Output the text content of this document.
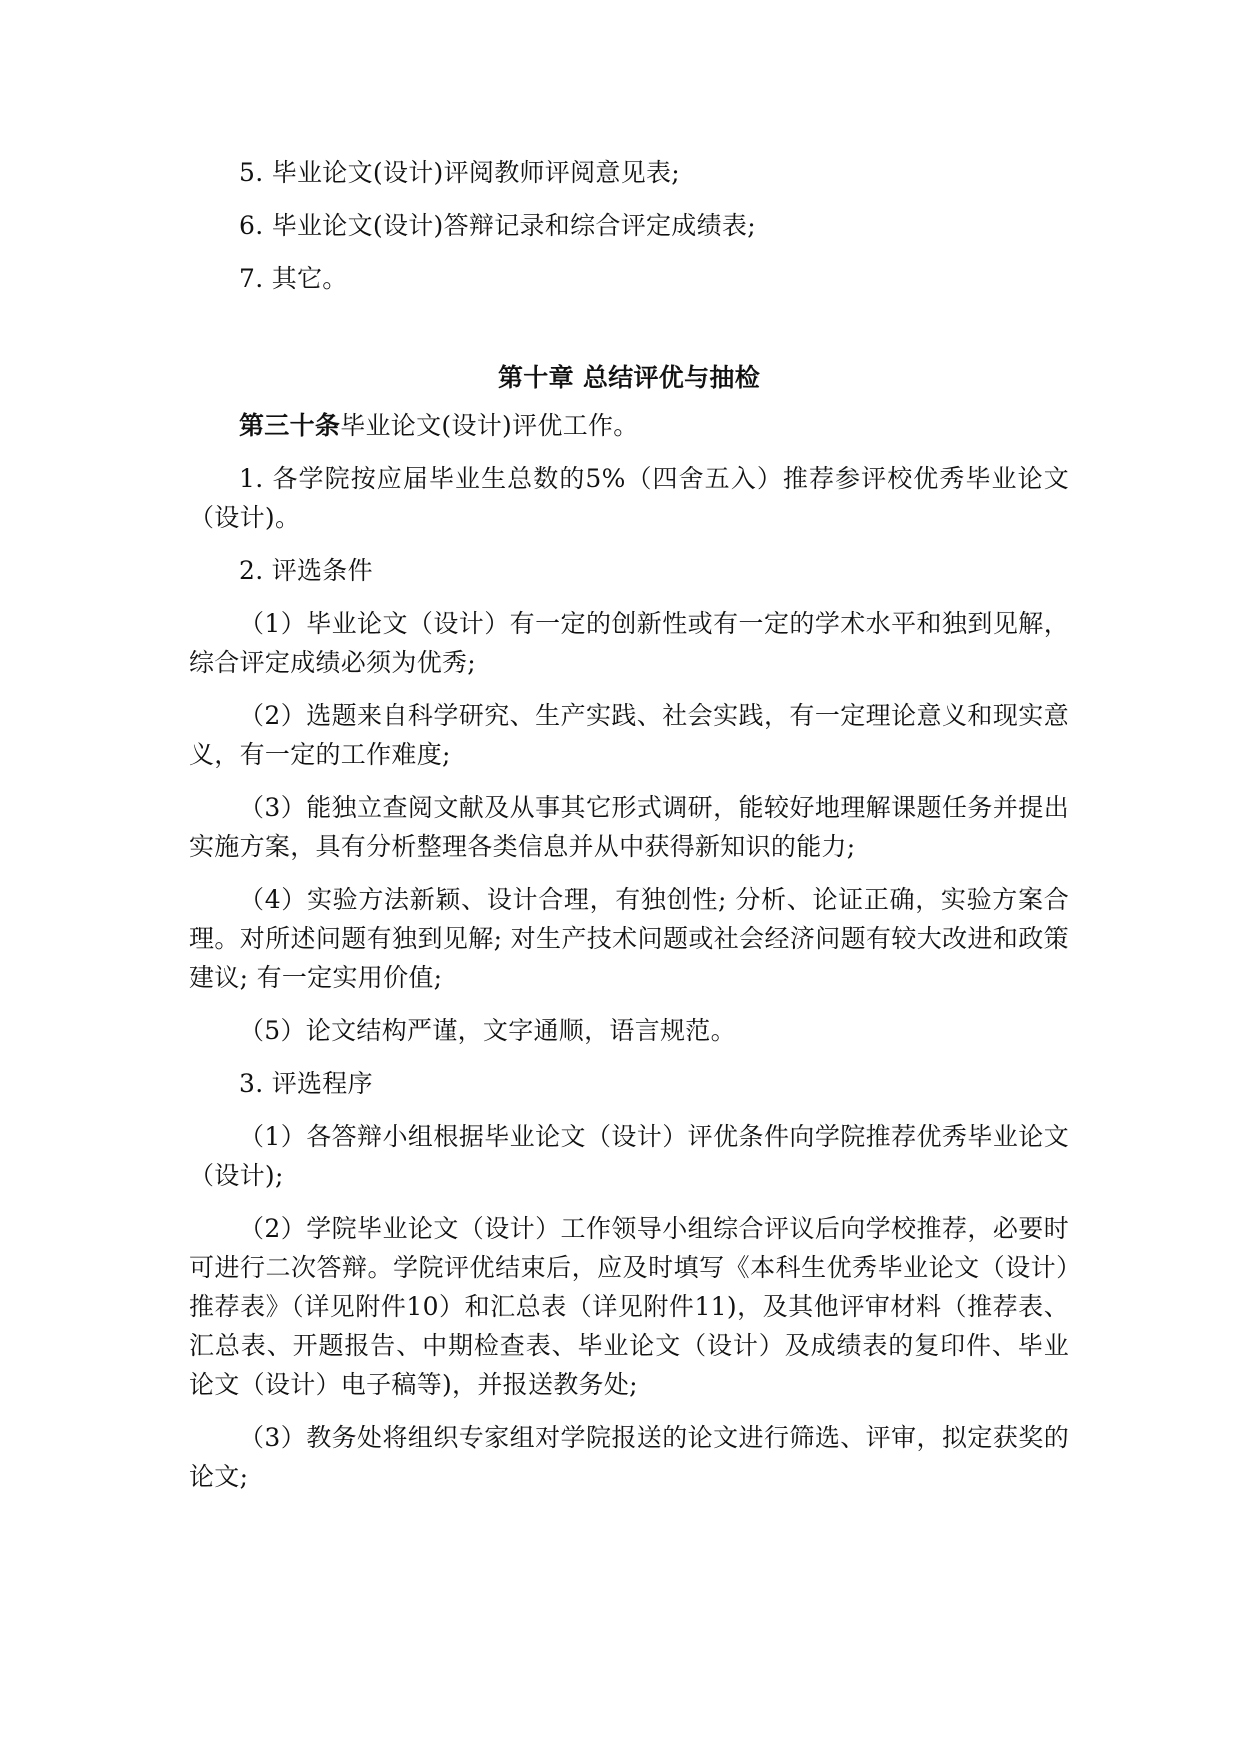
5. 毕业论文(设计)评阅教师评阅意见表;

6. 毕业论文(设计)答辩记录和综合评定成绩表;

7. 其它。

第十章 总结评优与抽检

第三十条毕业论文(设计)评优工作。

1. 各学院按应届毕业生总数的5%（四舍五入）推荐参评校优秀毕业论文（设计)。

2. 评选条件

（1）毕业论文（设计）有一定的创新性或有一定的学术水平和独到见解，综合评定成绩必须为优秀;

（2）选题来自科学研究、生产实践、社会实践，有一定理论意义和现实意义，有一定的工作难度;

（3）能独立查阅文献及从事其它形式调研，能较好地理解课题任务并提出实施方案，具有分析整理各类信息并从中获得新知识的能力;

（4）实验方法新颖、设计合理，有独创性; 分析、论证正确，实验方案合理。对所述问题有独到见解; 对生产技术问题或社会经济问题有较大改进和政策建议; 有一定实用价值;

（5）论文结构严谨，文字通顺，语言规范。

3. 评选程序

（1）各答辩小组根据毕业论文（设计）评优条件向学院推荐优秀毕业论文（设计);

（2）学院毕业论文（设计）工作领导小组综合评议后向学校推荐，必要时可进行二次答辩。学院评优结束后，应及时填写《本科生优秀毕业论文（设计）推荐表》（详见附件10）和汇总表（详见附件11)，及其他评审材料（推荐表、汇总表、开题报告、中期检查表、毕业论文（设计）及成绩表的复印件、毕业论文（设计）电子稿等)，并报送教务处;

（3）教务处将组织专家组对学院报送的论文进行筛选、评审，拟定获奖的论文;
